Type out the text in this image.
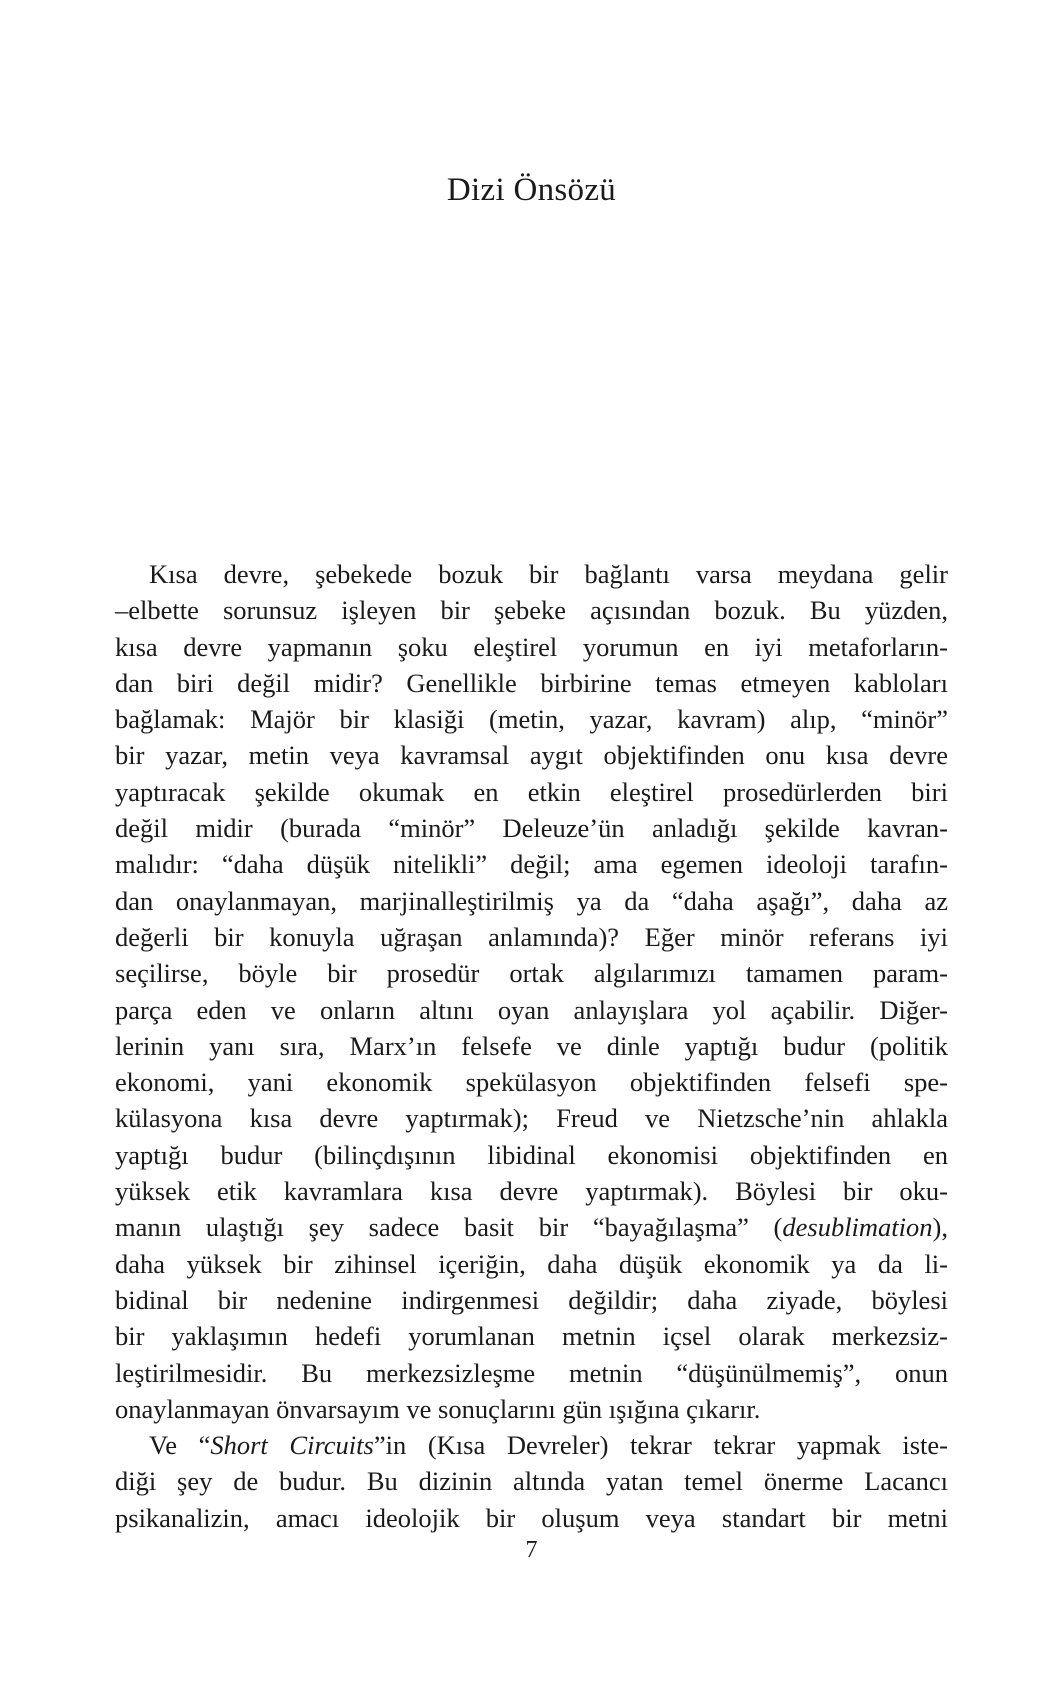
Dizi Önsözü
Kısa devre, şebekede bozuk bir bağlantı varsa meydana gelir
–elbette sorunsuz işleyen bir şebeke açısından bozuk. Bu yüzden,
kısa devre yapmanın şoku eleştirel yorumun en iyi metaforların-
dan biri değil midir? Genellikle birbirine temas etmeyen kabloları
bağlamak: Majör bir klasiği (metin, yazar, kavram) alıp, “minör”
bir yazar, metin veya kavramsal aygıt objektifinden onu kısa devre
yaptıracak şekilde okumak en etkin eleştirel prosedürlerden biri
değil midir (burada “minör” Deleuze’ün anladığı şekilde kavran-
malıdır: “daha düşük nitelikli” değil; ama egemen ideoloji tarafın-
dan onaylanmayan, marjinalleştirilmiş ya da “daha aşağı”, daha az
değerli bir konuyla uğraşan anlamında)? Eğer minör referans iyi
seçilirse, böyle bir prosedür ortak algılarımızı tamamen param-
parça eden ve onların altını oyan anlayışlara yol açabilir. Diğer-
lerinin yanı sıra, Marx’ın felsefe ve dinle yaptığı budur (politik
ekonomi, yani ekonomik spekülasyon objektifinden felsefi spe-
külasyona kısa devre yaptırmak); Freud ve Nietzsche’nin ahlakla
yaptığı budur (bilinçdışının libidinal ekonomisi objektifinden en
yüksek etik kavramlara kısa devre yaptırmak). Böylesi bir oku-
manın ulaştığı şey sadece basit bir “bayağılaşma” (desublimation),
daha yüksek bir zihinsel içeriğin, daha düşük ekonomik ya da li-
bidinal bir nedenine indirgenmesi değildir; daha ziyade, böylesi
bir yaklaşımın hedefi yorumlanan metnin içsel olarak merkezsiz-
leştirilmesidir. Bu merkezsizleşme metnin “düşünülmemiş”, onun
onaylanmayan önvarsayım ve sonuçlarını gün ışığına çıkarır.
Ve “Short Circuits”in (Kısa Devreler) tekrar tekrar yapmak iste-
diği şey de budur. Bu dizinin altında yatan temel önerme Lacancı
psikanalizin, amacı ideolojik bir oluşum veya standart bir metni
7
